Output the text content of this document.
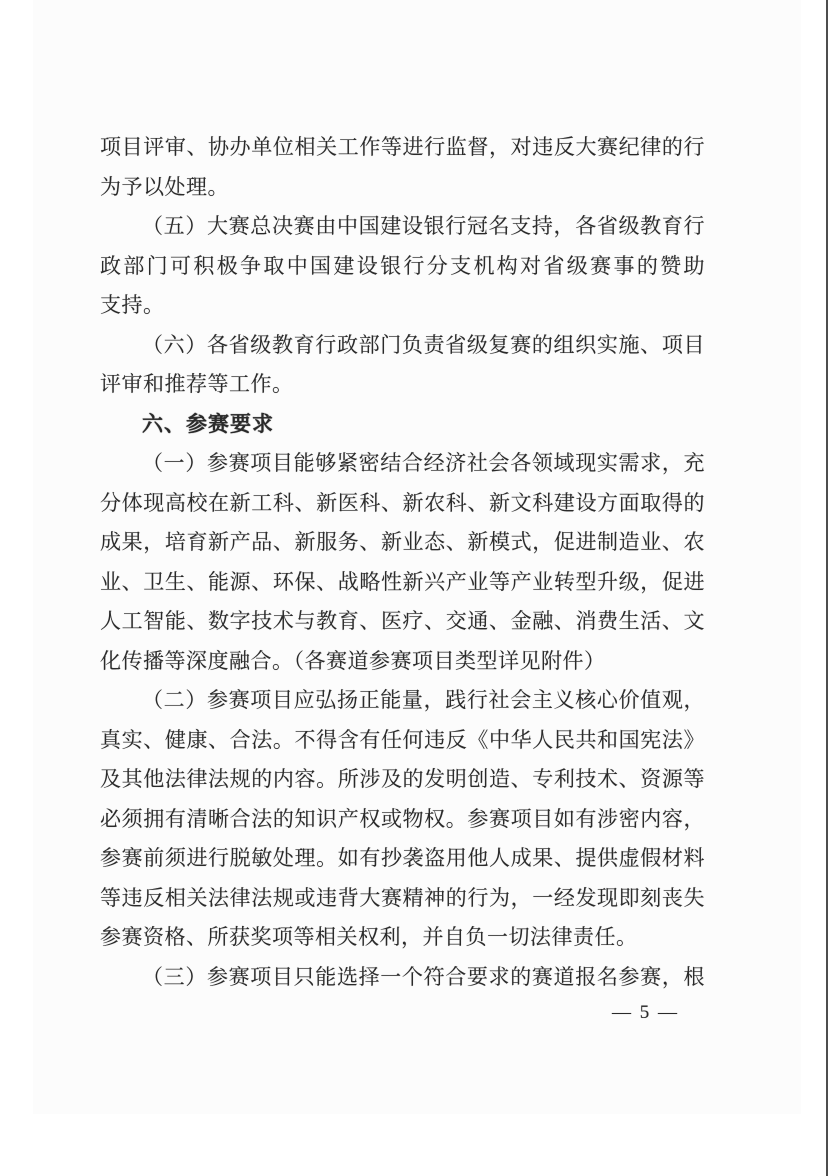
项目评审、协办单位相关工作等进行监督，对违反大赛纪律的行
为予以处理。
（五）大赛总决赛由中国建设银行冠名支持，各省级教育行
政部门可积极争取中国建设银行分支机构对省级赛事的赞助
支持。
（六）各省级教育行政部门负责省级复赛的组织实施、项目
评审和推荐等工作。
六、参赛要求
（一）参赛项目能够紧密结合经济社会各领域现实需求，充
分体现高校在新工科、新医科、新农科、新文科建设方面取得的
成果，培育新产品、新服务、新业态、新模式，促进制造业、农
业、卫生、能源、环保、战略性新兴产业等产业转型升级，促进
人工智能、数字技术与教育、医疗、交通、金融、消费生活、文
化传播等深度融合。（各赛道参赛项目类型详见附件）
（二）参赛项目应弘扬正能量，践行社会主义核心价值观，
真实、健康、合法。不得含有任何违反《中华人民共和国宪法》
及其他法律法规的内容。所涉及的发明创造、专利技术、资源等
必须拥有清晰合法的知识产权或物权。参赛项目如有涉密内容，
参赛前须进行脱敏处理。如有抄袭盗用他人成果、提供虚假材料
等违反相关法律法规或违背大赛精神的行为，一经发现即刻丧失
参赛资格、所获奖项等相关权利，并自负一切法律责任。
（三）参赛项目只能选择一个符合要求的赛道报名参赛，根
— 5 —
